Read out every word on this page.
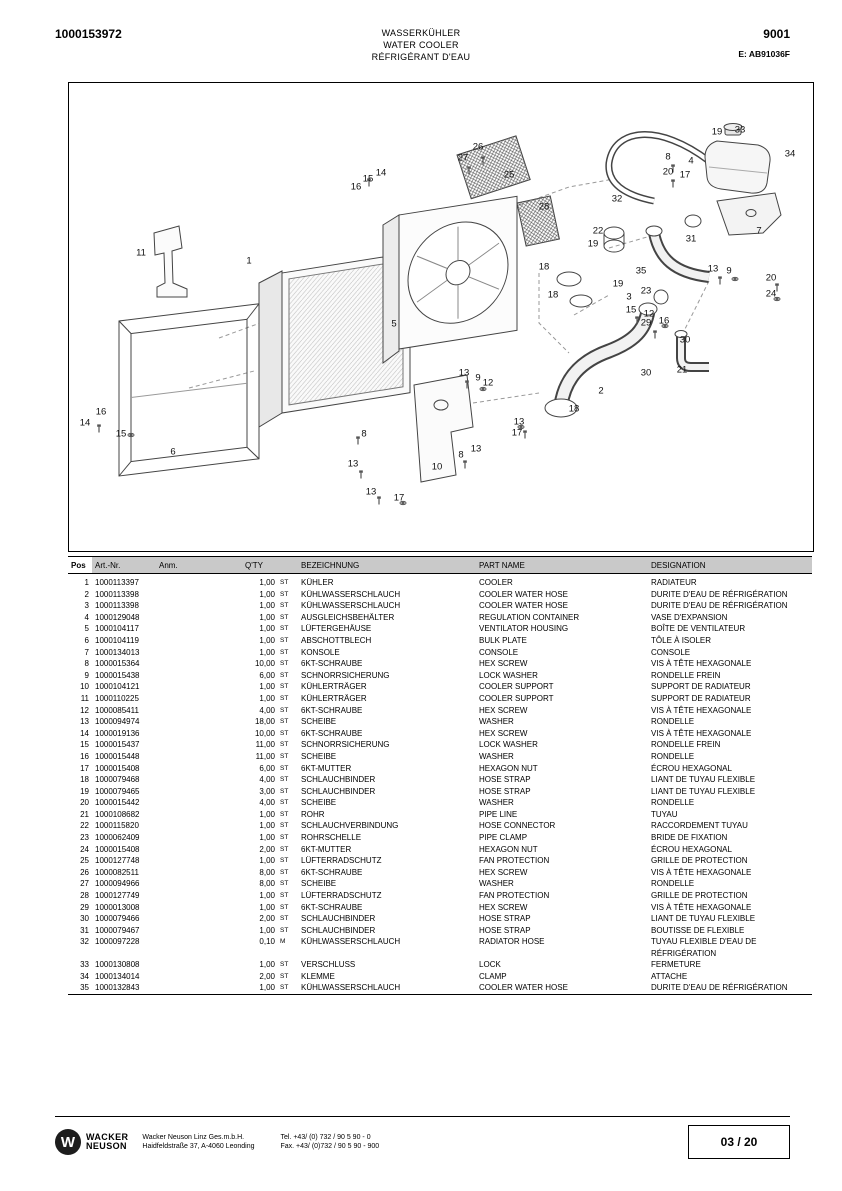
1000153972	WASSERKÜHLER
WATER COOLER
RÉFRIGÉRANT D'EAU
9001
E: AB91036F
19 33
34
27
26
8 4
25	20 17
14
15
16
28
32
22
19
11
1
7
31
18	35	13 9
20
24
19
23
3
18
15 12
29 16
30
5
21
30
2
13 9 12
18
16
14
15
6
8
13
17
13
8
10
13
13
17
Pos	Art.-Nr.	Anm.	Q'TY		BEZEICHNUNG	PART NAME	DESIGNATION
1	1000113397		1,00	ST	KÜHLER	COOLER	RADIATEUR
2	1000113398		1,00	ST	KÜHLWASSERSCHLAUCH	COOLER WATER HOSE	DURITE D'EAU DE RÉFRIGÉRATION
3	1000113398		1,00	ST	KÜHLWASSERSCHLAUCH	COOLER WATER HOSE	DURITE D'EAU DE RÉFRIGÉRATION
4	1000129048		1,00	ST	AUSGLEICHSBEHÄLTER	REGULATION CONTAINER	VASE D'EXPANSION
5	1000104117		1,00	ST	LÜFTERGEHÄUSE	VENTILATOR HOUSING	BOÎTE DE VENTILATEUR
6	1000104119		1,00	ST	ABSCHOTTBLECH	BULK PLATE	TÔLE À ISOLER
7	1000134013		1,00	ST	KONSOLE	CONSOLE	CONSOLE
8	1000015364		10,00	ST	6KT-SCHRAUBE	HEX SCREW	VIS À TÊTE HEXAGONALE
9	1000015438		6,00	ST	SCHNORRSICHERUNG	LOCK WASHER	RONDELLE FREIN
10	1000104121		1,00	ST	KÜHLERTRÄGER	COOLER SUPPORT	SUPPORT DE RADIATEUR
11	1000110225		1,00	ST	KÜHLERTRÄGER	COOLER SUPPORT	SUPPORT DE RADIATEUR
12	1000085411		4,00	ST	6KT-SCHRAUBE	HEX SCREW	VIS À TÊTE HEXAGONALE
13	1000094974		18,00	ST	SCHEIBE	WASHER	RONDELLE
14	1000019136		10,00	ST	6KT-SCHRAUBE	HEX SCREW	VIS À TÊTE HEXAGONALE
15	1000015437		11,00	ST	SCHNORRSICHERUNG	LOCK WASHER	RONDELLE FREIN
16	1000015448		11,00	ST	SCHEIBE	WASHER	RONDELLE
17	1000015408		6,00	ST	6KT-MUTTER	HEXAGON NUT	ÉCROU HEXAGONAL
18	1000079468		4,00	ST	SCHLAUCHBINDER	HOSE STRAP	LIANT DE TUYAU FLEXIBLE
19	1000079465		3,00	ST	SCHLAUCHBINDER	HOSE STRAP	LIANT DE TUYAU FLEXIBLE
20	1000015442		4,00	ST	SCHEIBE	WASHER	RONDELLE
21	1000108682		1,00	ST	ROHR	PIPE LINE	TUYAU
22	1000115820		1,00	ST	SCHLAUCHVERBINDUNG	HOSE CONNECTOR	RACCORDEMENT TUYAU
23	1000062409		1,00	ST	ROHRSCHELLE	PIPE CLAMP	BRIDE DE FIXATION
24	1000015408		2,00	ST	6KT-MUTTER	HEXAGON NUT	ÉCROU HEXAGONAL
25	1000127748		1,00	ST	LÜFTERRADSCHUTZ	FAN PROTECTION	GRILLE DE PROTECTION
26	1000082511		8,00	ST	6KT-SCHRAUBE	HEX SCREW	VIS À TÊTE HEXAGONALE
27	1000094966		8,00	ST	SCHEIBE	WASHER	RONDELLE
28	1000127749		1,00	ST	LÜFTERRADSCHUTZ	FAN PROTECTION	GRILLE DE PROTECTION
29	1000013008		1,00	ST	6KT-SCHRAUBE	HEX SCREW	VIS À TÊTE HEXAGONALE
30	1000079466		2,00	ST	SCHLAUCHBINDER	HOSE STRAP	LIANT DE TUYAU FLEXIBLE
31	1000079467		1,00	ST	SCHLAUCHBINDER	HOSE STRAP	BOUTISSE DE FLEXIBLE
32	1000097228		0,10	M	KÜHLWASSERSCHLAUCH	RADIATOR HOSE	TUYAU FLEXIBLE D'EAU DE RÉFRIGÉRATION
33	1000130808		1,00	ST	VERSCHLUSS	LOCK	FERMETURE
34	1000134014		2,00	ST	KLEMME	CLAMP	ATTACHE
35	1000132843		1,00	ST	KÜHLWASSERSCHLAUCH	COOLER WATER HOSE	DURITE D'EAU DE RÉFRIGÉRATION
W WACKER
NEUSON
Wacker Neuson Linz Ges.m.b.H.
Haidfeldstraße 37, A-4060 Leonding
Tel. +43/ (0) 732 / 90 5 90 - 0
Fax. +43/ (0)732 / 90 5 90 - 900	03 / 20
